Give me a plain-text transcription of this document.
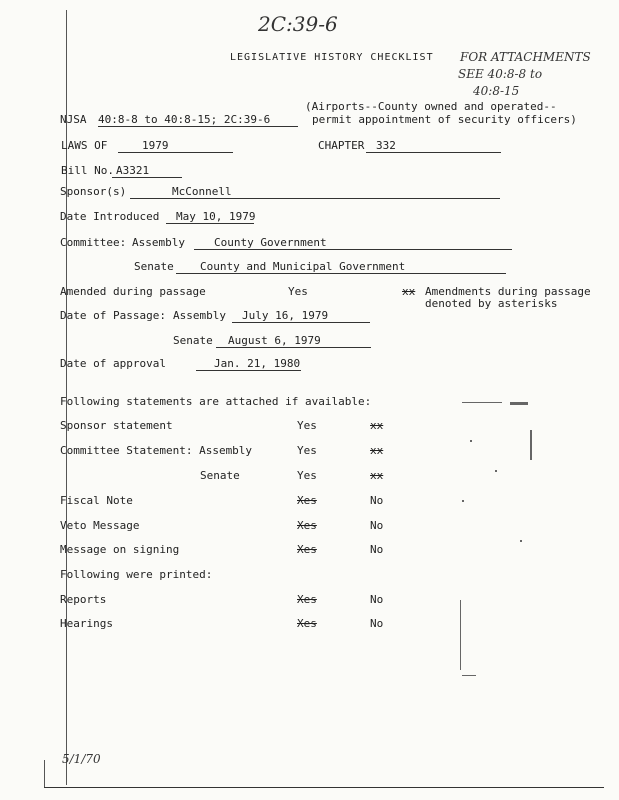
2C:39-6
LEGISLATIVE HISTORY CHECKLIST FOR ATTACHMENTS
SEE 40:8-8 to
40:8-15
(Airports--County owned and operated--
NJSA 40:8-8 to 40:8-15; 2C:39-6	permit appointment of security officers)
LAWS OF	1979	CHAPTER	332
Bill No. A3321
Sponsor(s)	McConnell
Date Introduced	May 10, 1979
Committee: Assembly	County Government
Senate	County and Municipal Government
Amended during passage	Yes	xx Amendments during passage
denoted by asterisks
Date of Passage: Assembly	July 16, 1979
Senate	August 6, 1979
Date of approval	Jan. 21, 1980
Following statements are attached if available:
Sponsor statement	Yes	xx
Committee Statement: Assembly	Yes	xx
Senate	Yes	xx
Fiscal Note	Xes	No
Veto Message	Xes	No
Message on signing	Xes	No
Following were printed:
Reports	Xes	No
Hearings	Xes	No
5/1/70
